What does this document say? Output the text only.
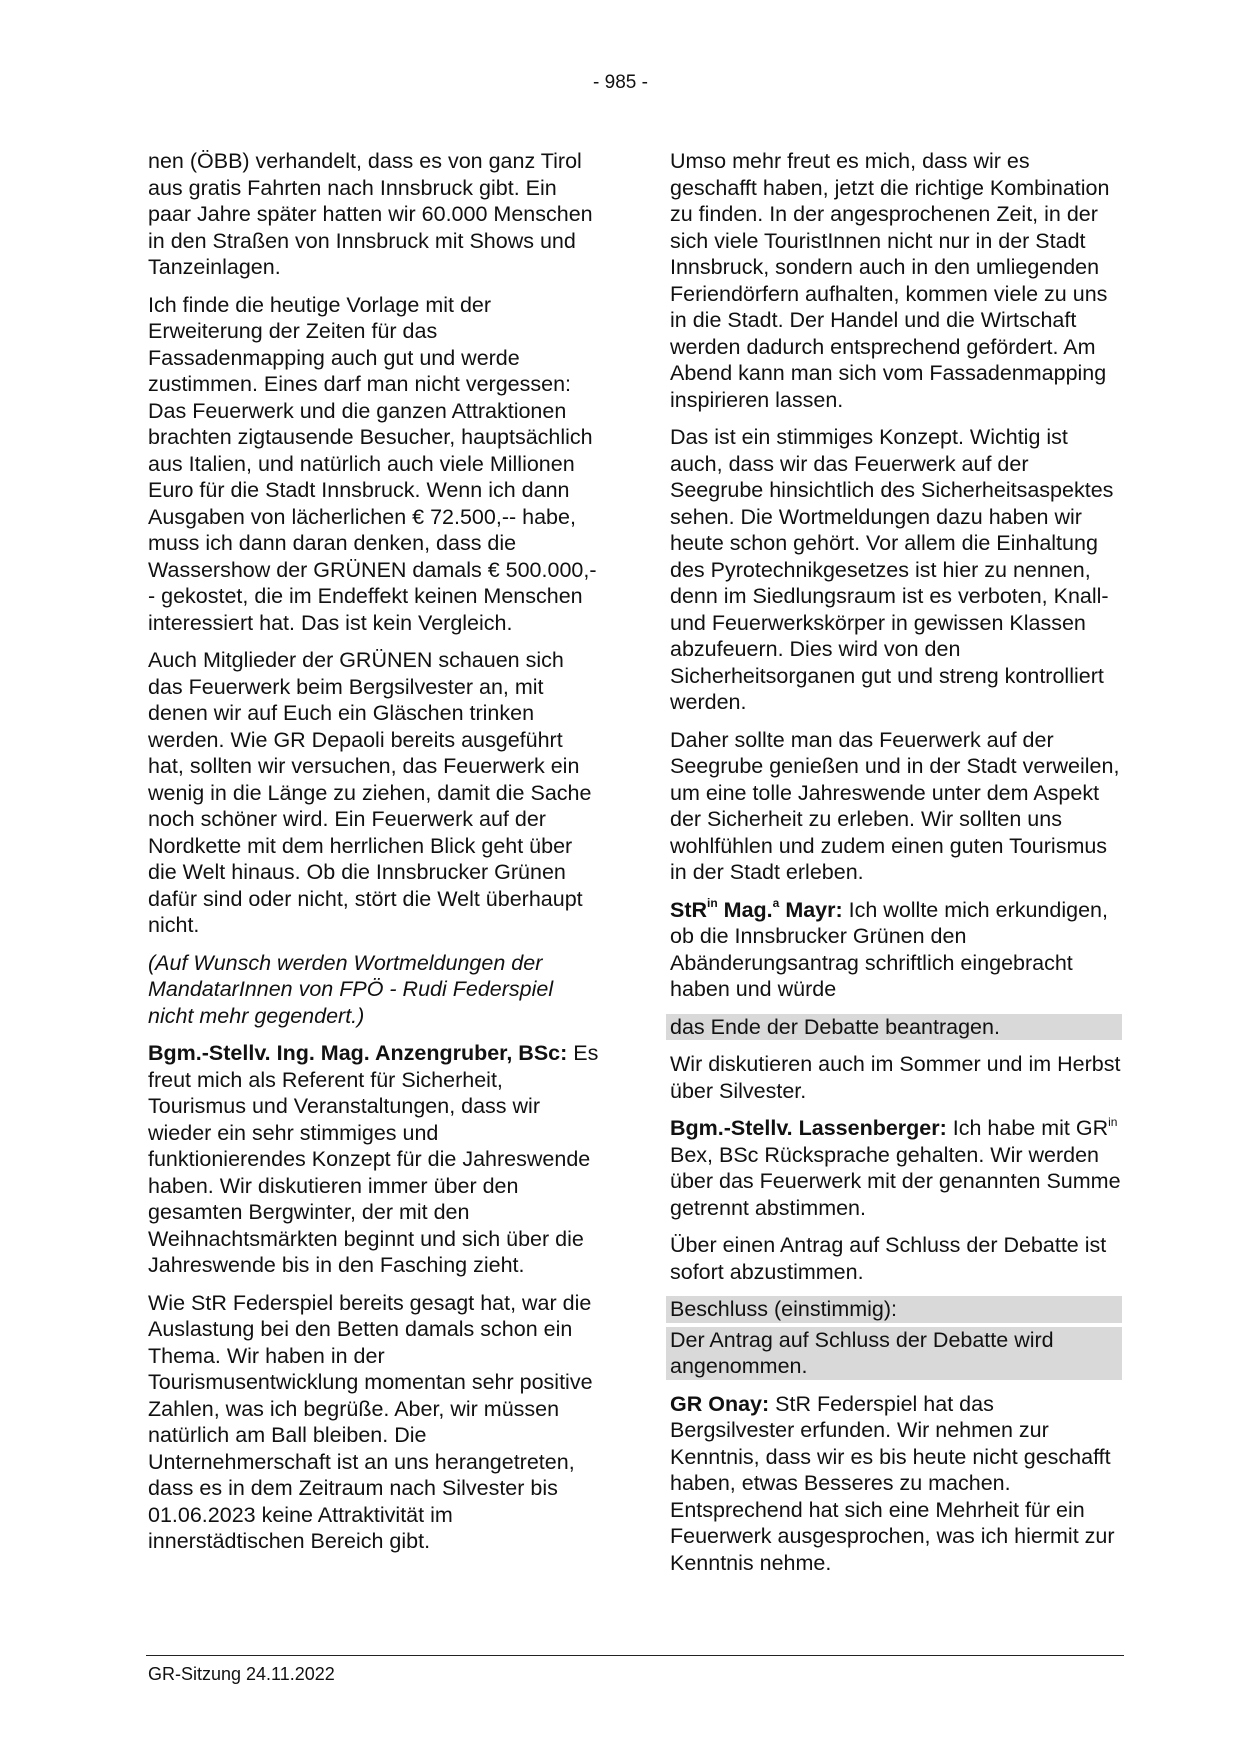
- 985 -

nen (ÖBB) verhandelt, dass es von ganz Tirol aus gratis Fahrten nach Innsbruck gibt. Ein paar Jahre später hatten wir 60.000 Menschen in den Straßen von Innsbruck mit Shows und Tanzeinlagen.

Ich finde die heutige Vorlage mit der Erweiterung der Zeiten für das Fassadenmapping auch gut und werde zustimmen. Eines darf man nicht vergessen: Das Feuerwerk und die ganzen Attraktionen brachten zigtausende Besucher, hauptsächlich aus Italien, und natürlich auch viele Millionen Euro für die Stadt Innsbruck. Wenn ich dann Ausgaben von lächerlichen € 72.500,-- habe, muss ich dann daran denken, dass die Wassershow der GRÜNEN damals € 500.000,-- gekostet, die im Endeffekt keinen Menschen interessiert hat. Das ist kein Vergleich.

Auch Mitglieder der GRÜNEN schauen sich das Feuerwerk beim Bergsilvester an, mit denen wir auf Euch ein Gläschen trinken werden. Wie GR Depaoli bereits ausgeführt hat, sollten wir versuchen, das Feuerwerk ein wenig in die Länge zu ziehen, damit die Sache noch schöner wird. Ein Feuerwerk auf der Nordkette mit dem herrlichen Blick geht über die Welt hinaus. Ob die Innsbrucker Grünen dafür sind oder nicht, stört die Welt überhaupt nicht.

(Auf Wunsch werden Wortmeldungen der MandatarInnen von FPÖ - Rudi Federspiel nicht mehr gegendert.)

Bgm.-Stellv. Ing. Mag. Anzengruber, BSc: Es freut mich als Referent für Sicherheit, Tourismus und Veranstaltungen, dass wir wieder ein sehr stimmiges und funktionierendes Konzept für die Jahreswende haben. Wir diskutieren immer über den gesamten Bergwinter, der mit den Weihnachtsmärkten beginnt und sich über die Jahreswende bis in den Fasching zieht.

Wie StR Federspiel bereits gesagt hat, war die Auslastung bei den Betten damals schon ein Thema. Wir haben in der Tourismusentwicklung momentan sehr positive Zahlen, was ich begrüße. Aber, wir müssen natürlich am Ball bleiben. Die Unternehmerschaft ist an uns herangetreten, dass es in dem Zeitraum nach Silvester bis 01.06.2023 keine Attraktivität im innerstädtischen Bereich gibt.

Umso mehr freut es mich, dass wir es geschafft haben, jetzt die richtige Kombination zu finden. In der angesprochenen Zeit, in der sich viele TouristInnen nicht nur in der Stadt Innsbruck, sondern auch in den umliegenden Feriendörfern aufhalten, kommen viele zu uns in die Stadt. Der Handel und die Wirtschaft werden dadurch entsprechend gefördert. Am Abend kann man sich vom Fassadenmapping inspirieren lassen.

Das ist ein stimmiges Konzept. Wichtig ist auch, dass wir das Feuerwerk auf der Seegrube hinsichtlich des Sicherheitsaspektes sehen. Die Wortmeldungen dazu haben wir heute schon gehört. Vor allem die Einhaltung des Pyrotechnikgesetzes ist hier zu nennen, denn im Siedlungsraum ist es verboten, Knall- und Feuerwerkskörper in gewissen Klassen abzufeuern. Dies wird von den Sicherheitsorganen gut und streng kontrolliert werden.

Daher sollte man das Feuerwerk auf der Seegrube genießen und in der Stadt verweilen, um eine tolle Jahreswende unter dem Aspekt der Sicherheit zu erleben. Wir sollten uns wohlfühlen und zudem einen guten Tourismus in der Stadt erleben.

StR$^{in}$ Mag.$^a$ Mayr: Ich wollte mich erkundigen, ob die Innsbrucker Grünen den Abänderungsantrag schriftlich eingebracht haben und würde

das Ende der Debatte beantragen.

Wir diskutieren auch im Sommer und im Herbst über Silvester.

Bgm.-Stellv. Lassenberger: Ich habe mit $GR^{in}$ Bex, BSc Rücksprache gehalten. Wir werden über das Feuerwerk mit der genannten Summe getrennt abstimmen.

Über einen Antrag auf Schluss der Debatte ist sofort abzustimmen.

Beschluss (einstimmig):

Der Antrag auf Schluss der Debatte wird angenommen.

GR Onay: StR Federspiel hat das Bergsilvester erfunden. Wir nehmen zur Kenntnis, dass wir es bis heute nicht geschafft haben, etwas Besseres zu machen. Entsprechend hat sich eine Mehrheit für ein Feuerwerk ausgesprochen, was ich hiermit zur Kenntnis nehme.

GR-Sitzung 24.11.2022
